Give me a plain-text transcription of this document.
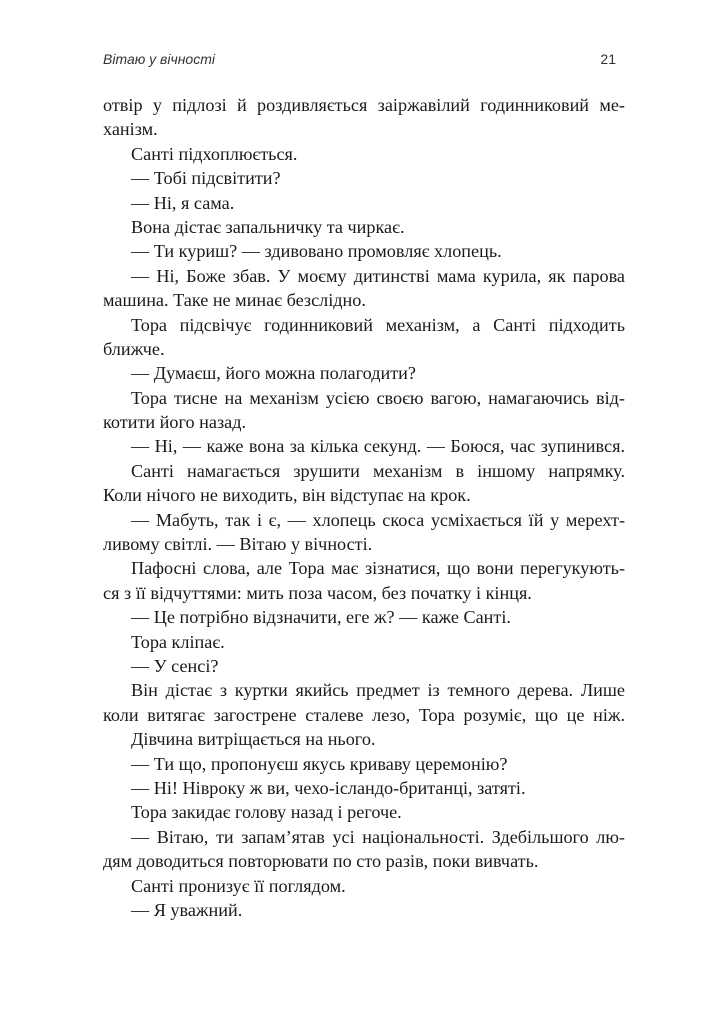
Вітаю у вічності	21
отвір у підлозі й роздивляється заіржавілий годинниковий ме-
ханізм.
Санті підхоплюється.
— Тобі підсвітити?
— Ні, я сама.
Вона дістає запальничку та чиркає.
— Ти куриш? — здивовано промовляє хлопець.
— Ні, Боже збав. У моєму дитинстві мама курила, як парова
машина. Таке не минає безслідно.
Тора підсвічує годинниковий механізм, а Санті підходить
ближче.
— Думаєш, його можна полагодити?
Тора тисне на механізм усією своєю вагою, намагаючись від-
котити його назад.
— Ні, — каже вона за кілька секунд. — Боюся, час зупинився.
Санті намагається зрушити механізм в іншому напрямку.
Коли нічого не виходить, він відступає на крок.
— Мабуть, так і є, — хлопець скоса усміхається їй у мерехт-
ливому світлі. — Вітаю у вічності.
Пафосні слова, але Тора має зізнатися, що вони перегукують-
ся з її відчуттями: мить поза часом, без початку і кінця.
— Це потрібно відзначити, еге ж? — каже Санті.
Тора кліпає.
— У сенсі?
Він дістає з куртки якийсь предмет із темного дерева. Лише
коли витягає загострене сталеве лезо, Тора розуміє, що це ніж.
Дівчина витріщається на нього.
— Ти що, пропонуєш якусь криваву церемонію?
— Ні! Нівроку ж ви, чехо-ісландо-британці, затяті.
Тора закидає голову назад і регоче.
— Вітаю, ти запам’ятав усі національності. Здебільшого лю-
дям доводиться повторювати по сто разів, поки вивчать.
Санті пронизує її поглядом.
— Я уважний.
